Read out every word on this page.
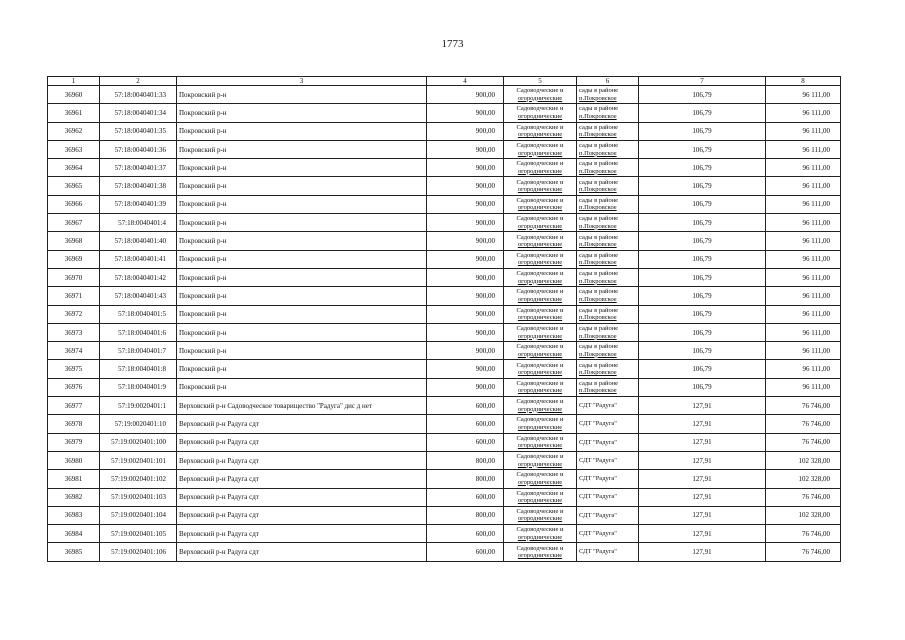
1773
1	2	3	4	5	6	7	8
36960	57:18:0040401:33	Покровский р-н	900,00	Садоводческие и
огороднические	сады в районе
п.Покровское	106,79	96 111,00
36961	57:18:0040401:34	Покровский р-н	900,00	Садоводческие и
огороднические	сады в районе
п.Покровское	106,79	96 111,00
36962	57:18:0040401:35	Покровский р-н	900,00	Садоводческие и
огороднические	сады в районе
п.Покровское	106,79	96 111,00
36963	57:18:0040401:36	Покровский р-н	900,00	Садоводческие и
огороднические	сады в районе
п.Покровское	106,79	96 111,00
36964	57:18:0040401:37	Покровский р-н	900,00	Садоводческие и
огороднические	сады в районе
п.Покровское	106,79	96 111,00
36965	57:18:0040401:38	Покровский р-н	900,00	Садоводческие и
огороднические	сады в районе
п.Покровское	106,79	96 111,00
36966	57:18:0040401:39	Покровский р-н	900,00	Садоводческие и
огороднические	сады в районе
п.Покровское	106,79	96 111,00
36967	57:18:0040401:4	Покровский р-н	900,00	Садоводческие и
огороднические	сады в районе
п.Покровское	106,79	96 111,00
36968	57:18:0040401:40	Покровский р-н	900,00	Садоводческие и
огороднические	сады в районе
п.Покровское	106,79	96 111,00
36969	57:18:0040401:41	Покровский р-н	900,00	Садоводческие и
огороднические	сады в районе
п.Покровское	106,79	96 111,00
36970	57:18:0040401:42	Покровский р-н	900,00	Садоводческие и
огороднические	сады в районе
п.Покровское	106,79	96 111,00
36971	57:18:0040401:43	Покровский р-н	900,00	Садоводческие и
огороднические	сады в районе
п.Покровское	106,79	96 111,00
36972	57:18:0040401:5	Покровский р-н	900,00	Садоводческие и
огороднические	сады в районе
п.Покровское	106,79	96 111,00
36973	57:18:0040401:6	Покровский р-н	900,00	Садоводческие и
огороднические	сады в районе
п.Покровское	106,79	96 111,00
36974	57:18:0040401:7	Покровский р-н	900,00	Садоводческие и
огороднические	сады в районе
п.Покровское	106,79	96 111,00
36975	57:18:0040401:8	Покровский р-н	900,00	Садоводческие и
огороднические	сады в районе
п.Покровское	106,79	96 111,00
36976	57:18:0040401:9	Покровский р-н	900,00	Садоводческие и
огороднические	сады в районе
п.Покровское	106,79	96 111,00
36977	57:19:0020401:1	Верховский р-н Садоводческое товарищество "Радуга" дис д нет	600,00	Садоводческие и
огороднические	СДТ "Радуга"	127,91	76 746,00
36978	57:19:0020401:10	Верховский р-н Радуга сдт	600,00	Садоводческие и
огороднические	СДТ "Радуга"	127,91	76 746,00
36979	57:19:0020401:100	Верховский р-н Радуга сдт	600,00	Садоводческие и
огороднические	СДТ "Радуга"	127,91	76 746,00
36980	57:19:0020401:101	Верховский р-н Радуга сдт	800,00	Садоводческие и
огороднические	СДТ "Радуга"	127,91	102 328,00
36981	57:19:0020401:102	Верховский р-н Радуга сдт	800,00	Садоводческие и
огороднические	СДТ "Радуга"	127,91	102 328,00
36982	57:19:0020401:103	Верховский р-н Радуга сдт	600,00	Садоводческие и
огороднические	СДТ "Радуга"	127,91	76 746,00
36983	57:19:0020401:104	Верховский р-н Радуга сдт	800,00	Садоводческие и
огороднические	СДТ "Радуга"	127,91	102 328,00
36984	57:19:0020401:105	Верховский р-н Радуга сдт	600,00	Садоводческие и
огороднические	СДТ "Радуга"	127,91	76 746,00
36985	57:19:0020401:106	Верховский р-н Радуга сдт	600,00	Садоводческие и
огороднические	СДТ "Радуга"	127,91	76 746,00
